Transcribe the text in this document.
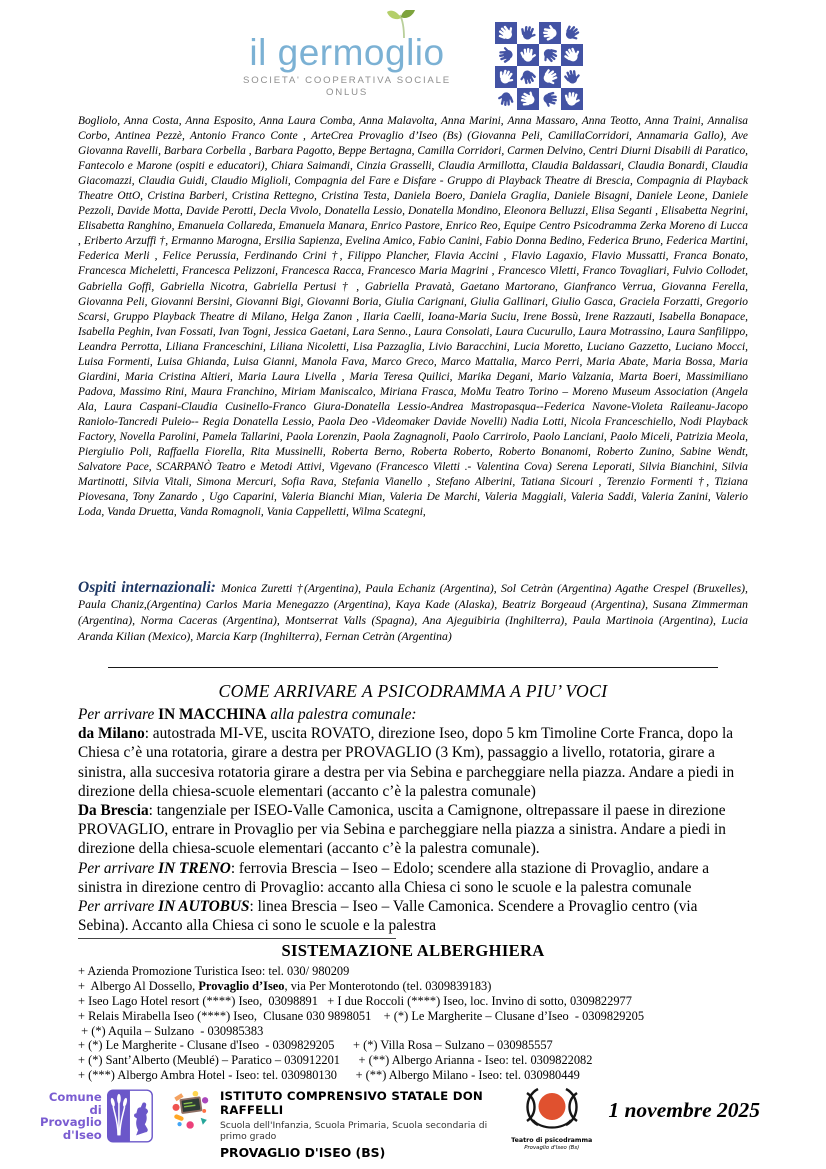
il germoglio
SOCIETA' COOPERATIVA SOCIALE
ONLUS

Bogliolo, Anna Costa, Anna Esposito, Anna Laura Comba, Anna Malavolta, Anna Marini, Anna Massaro, Anna Teotto, Anna Traini, Annalisa Corbo, Antinea Pezzè, Antonio Franco Conte , ArteCrea Provaglio d’Iseo (Bs) (Giovanna Peli, CamillaCorridori, Annamaria Gallo), Ave Giovanna Ravelli, Barbara Corbella , Barbara Pagotto, Beppe Bertagna, Camilla Corridori, Carmen Delvino, Centri Diurni Disabili di Paratico, Fantecolo e Marone (ospiti e educatori), Chiara Saimandi, Cinzia Grasselli, Claudia Armillotta, Claudia Baldassari, Claudia Bonardi, Claudia Giacomazzi, Claudia Guidi, Claudio Miglioli, Compagnia del Fare e Disfare - Gruppo di Playback Theatre di Brescia, Compagnia di Playback Theatre OttO, Cristina Barberi, Cristina Rettegno, Cristina Testa, Daniela Boero, Daniela Graglia, Daniele Bisagni, Daniele Leone, Daniele Pezzoli, Davide Motta, Davide Perotti, Decla Vivolo, Donatella Lessio, Donatella Mondino, Eleonora Belluzzi, Elisa Seganti , Elisabetta Negrini, Elisabetta Ranghino, Emanuela Collareda, Emanuela Manara, Enrico Pastore, Enrico Reo, Equipe Centro Psicodramma Zerka Moreno di Lucca , Eriberto Arzuffi †, Ermanno Marogna, Ersilia Sapienza, Evelina Amico, Fabio Canini, Fabio Donna Bedino, Federica Bruno, Federica Martini, Federica Merli , Felice Perussia, Ferdinando Crini †, Filippo Plancher, Flavia Accini , Flavio Lagaxio, Flavio Mussatti, Franca Bonato, Francesca Micheletti, Francesca Pelizzoni, Francesca Racca, Francesco Maria Magrini , Francesco Viletti, Franco Tovagliari, Fulvio Collodet, Gabriella Goffi, Gabriella Nicotra, Gabriella Pertusi † , Gabriella Pravatà, Gaetano Martorano, Gianfranco Verrua, Giovanna Ferella, Giovanna Peli, Giovanni Bersini, Giovanni Bigi, Giovanni Boria, Giulia Carignani, Giulia Gallinari, Giulio Gasca, Graciela Forzatti, Gregorio Scarsi, Gruppo Playback Theatre di Milano, Helga Zanon , Ilaria Caelli, Ioana-Maria Suciu, Irene Bossù, Irene Razzauti, Isabella Bonapace, Isabella Peghin, Ivan Fossati, Ivan Togni, Jessica Gaetani, Lara Senno., Laura Consolati, Laura Cucurullo, Laura Motrassino, Laura Sanfilippo, Leandra Perrotta, Liliana Franceschini, Liliana Nicoletti, Lisa Pazzaglia, Livio Baracchini, Lucia Moretto, Luciano Gazzetto, Luciano Mocci, Luisa Formenti, Luisa Ghianda, Luisa Gianni, Manola Fava, Marco Greco, Marco Mattalia, Marco Perri, Maria Abate, Maria Bossa, Maria Giardini, Maria Cristina Altieri, Maria Laura Livella , Maria Teresa Quilici, Marika Degani, Mario Valzania, Marta Boeri, Massimiliano Padova, Massimo Rini, Maura Franchino, Miriam Maniscalco, Miriana Frasca, MoMu Teatro Torino – Moreno Museum Association (Angela Ala, Laura Caspani-Claudia Cusinello-Franco Giura-Donatella Lessio-Andrea Mastropasqua--Federica Navone-Violeta Raileanu-Jacopo Raniolo-Tancredi Puleio-- Regia Donatella Lessio, Paola Deo -Videomaker Davide Novelli) Nadia Lotti, Nicola Franceschiello, Nodi Playback Factory, Novella Parolini, Pamela Tallarini, Paola Lorenzin, Paola Zagnagnoli, Paolo Carrirolo, Paolo Lanciani, Paolo Miceli, Patrizia Meola, Piergiulio Poli, Raffaella Fiorella, Rita Mussinelli, Roberta Berno, Roberta Roberto, Roberto Bonanomi, Roberto Zunino, Sabine Wendt, Salvatore Pace, SCARPANÒ Teatro e Metodi Attivi, Vigevano (Francesco Viletti .- Valentina Cova) Serena Leporati, Silvia Bianchini, Silvia Martinotti, Silvia Vitali, Simona Mercuri, Sofia Rava, Stefania Vianello , Stefano Alberini, Tatiana Sicouri , Terenzio Formenti †, Tiziana Piovesana, Tony Zanardo , Ugo Caparini, Valeria Bianchi Mian, Valeria De Marchi, Valeria Maggiali, Valeria Saddi, Valeria Zanini, Valerio Loda, Vanda Druetta, Vanda Romagnoli, Vania Cappelletti, Wilma Scategni,

Ospiti internazionali: Monica Zuretti †(Argentina), Paula Echaniz (Argentina), Sol Cetràn (Argentina) Agathe Crespel (Bruxelles), Paula Chaniz,(Argentina) Carlos Maria Menegazzo (Argentina), Kaya Kade (Alaska), Beatriz Borgeaud (Argentina), Susana Zimmerman (Argentina), Norma Caceras (Argentina), Montserrat Valls (Spagna), Ana Ajeguibiria (Inghilterra), Paula Martinoia (Argentina), Lucia Aranda Kilian (Mexico), Marcia Karp (Inghilterra), Fernan Cetràn (Argentina)

COME ARRIVARE A PSICODRAMMA A PIU’ VOCI

Per arrivare IN MACCHINA alla palestra comunale:

da Milano: autostrada MI-VE, uscita ROVATO, direzione Iseo, dopo 5 km Timoline Corte Franca, dopo la Chiesa c’è una rotatoria, girare a destra per PROVAGLIO (3 Km), passaggio a livello, rotatoria, girare a sinistra, alla succesiva rotatoria girare a destra per via Sebina e parcheggiare nella piazza. Andare a piedi in direzione della chiesa-scuole elementari (accanto c’è la palestra comunale)

Da Brescia: tangenziale per ISEO-Valle Camonica, uscita a Camignone, oltrepassare il paese in direzione PROVAGLIO, entrare in Provaglio per via Sebina e parcheggiare nella piazza a sinistra. Andare a piedi in direzione della chiesa-scuole elementari (accanto c’è la palestra comunale).

Per arrivare IN TRENO: ferrovia Brescia – Iseo – Edolo; scendere alla stazione di Provaglio, andare a sinistra in direzione centro di Provaglio: accanto alla Chiesa ci sono le scuole e la palestra comunale

Per arrivare IN AUTOBUS: linea Brescia – Iseo – Valle Camonica. Scendere a Provaglio centro (via Sebina). Accanto alla Chiesa ci sono le scuole e la palestra

SISTEMAZIONE ALBERGHIERA
+ Azienda Promozione Turistica Iseo: tel. 030/ 980209
+  Albergo Al Dossello, Provaglio d’Iseo, via Per Monterotondo (tel. 0309839183)
+ Iseo Lago Hotel resort (****) Iseo,  03098891   + I due Roccoli (****) Iseo, loc. Invino di sotto, 0309822977
+ Relais Mirabella Iseo (****) Iseo,  Clusane 030 9898051    + (*) Le Margherite – Clusane d’Iseo  - 0309829205
+ (*) Aquila – Sulzano  - 030985383
+ (*) Le Margherite - Clusane d'Iseo  - 0309829205      + (*) Villa Rosa – Sulzano – 030985557
+ (*) Sant’Alberto (Meublé) – Paratico – 030912201      + (**) Albergo Arianna - Iseo: tel. 0309822082
+ (***) Albergo Ambra Hotel - Iseo: tel. 030980130      + (**) Albergo Milano - Iseo: tel. 030980449
Comune di
Provaglio
d'Iseo
ISTITUTO COMPRENSIVO STATALE DON RAFFELLI
Scuola dell'Infanzia, Scuola Primaria, Scuola secondaria di primo grado
PROVAGLIO D'ISEO (BS)
Teatro di psicodramma
Provaglio d'Iseo (Bs)
1 novembre 2025
